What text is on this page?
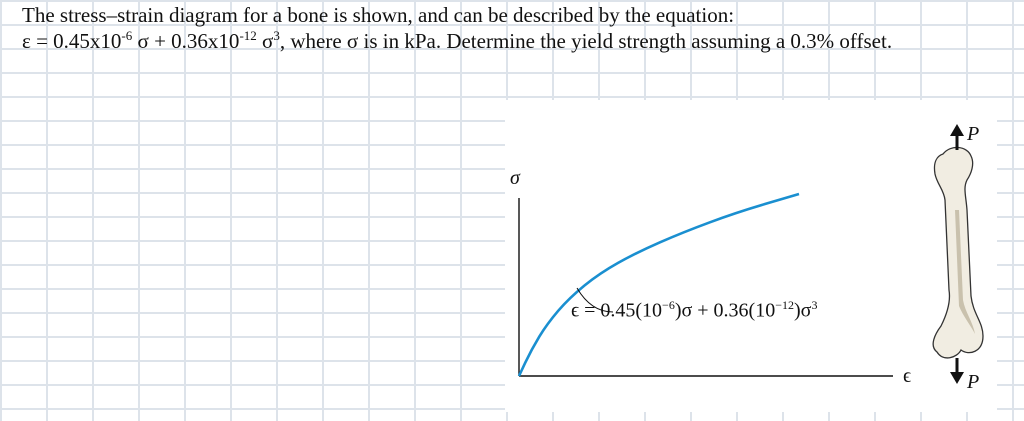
The stress–strain diagram for a bone is shown, and can be described by the equation:
$\varepsilon = 0.45x10^{-6}$ $\sigma + 0.36x10^{-12}$ $\sigma^3$, where σ is in kPa. Determine the yield strength assuming a 0.3% offset.
σ
ϵ
P
P
$\epsilon = 0.45(10^{-6})\sigma + 0.36(10^{-12})\sigma^3$
